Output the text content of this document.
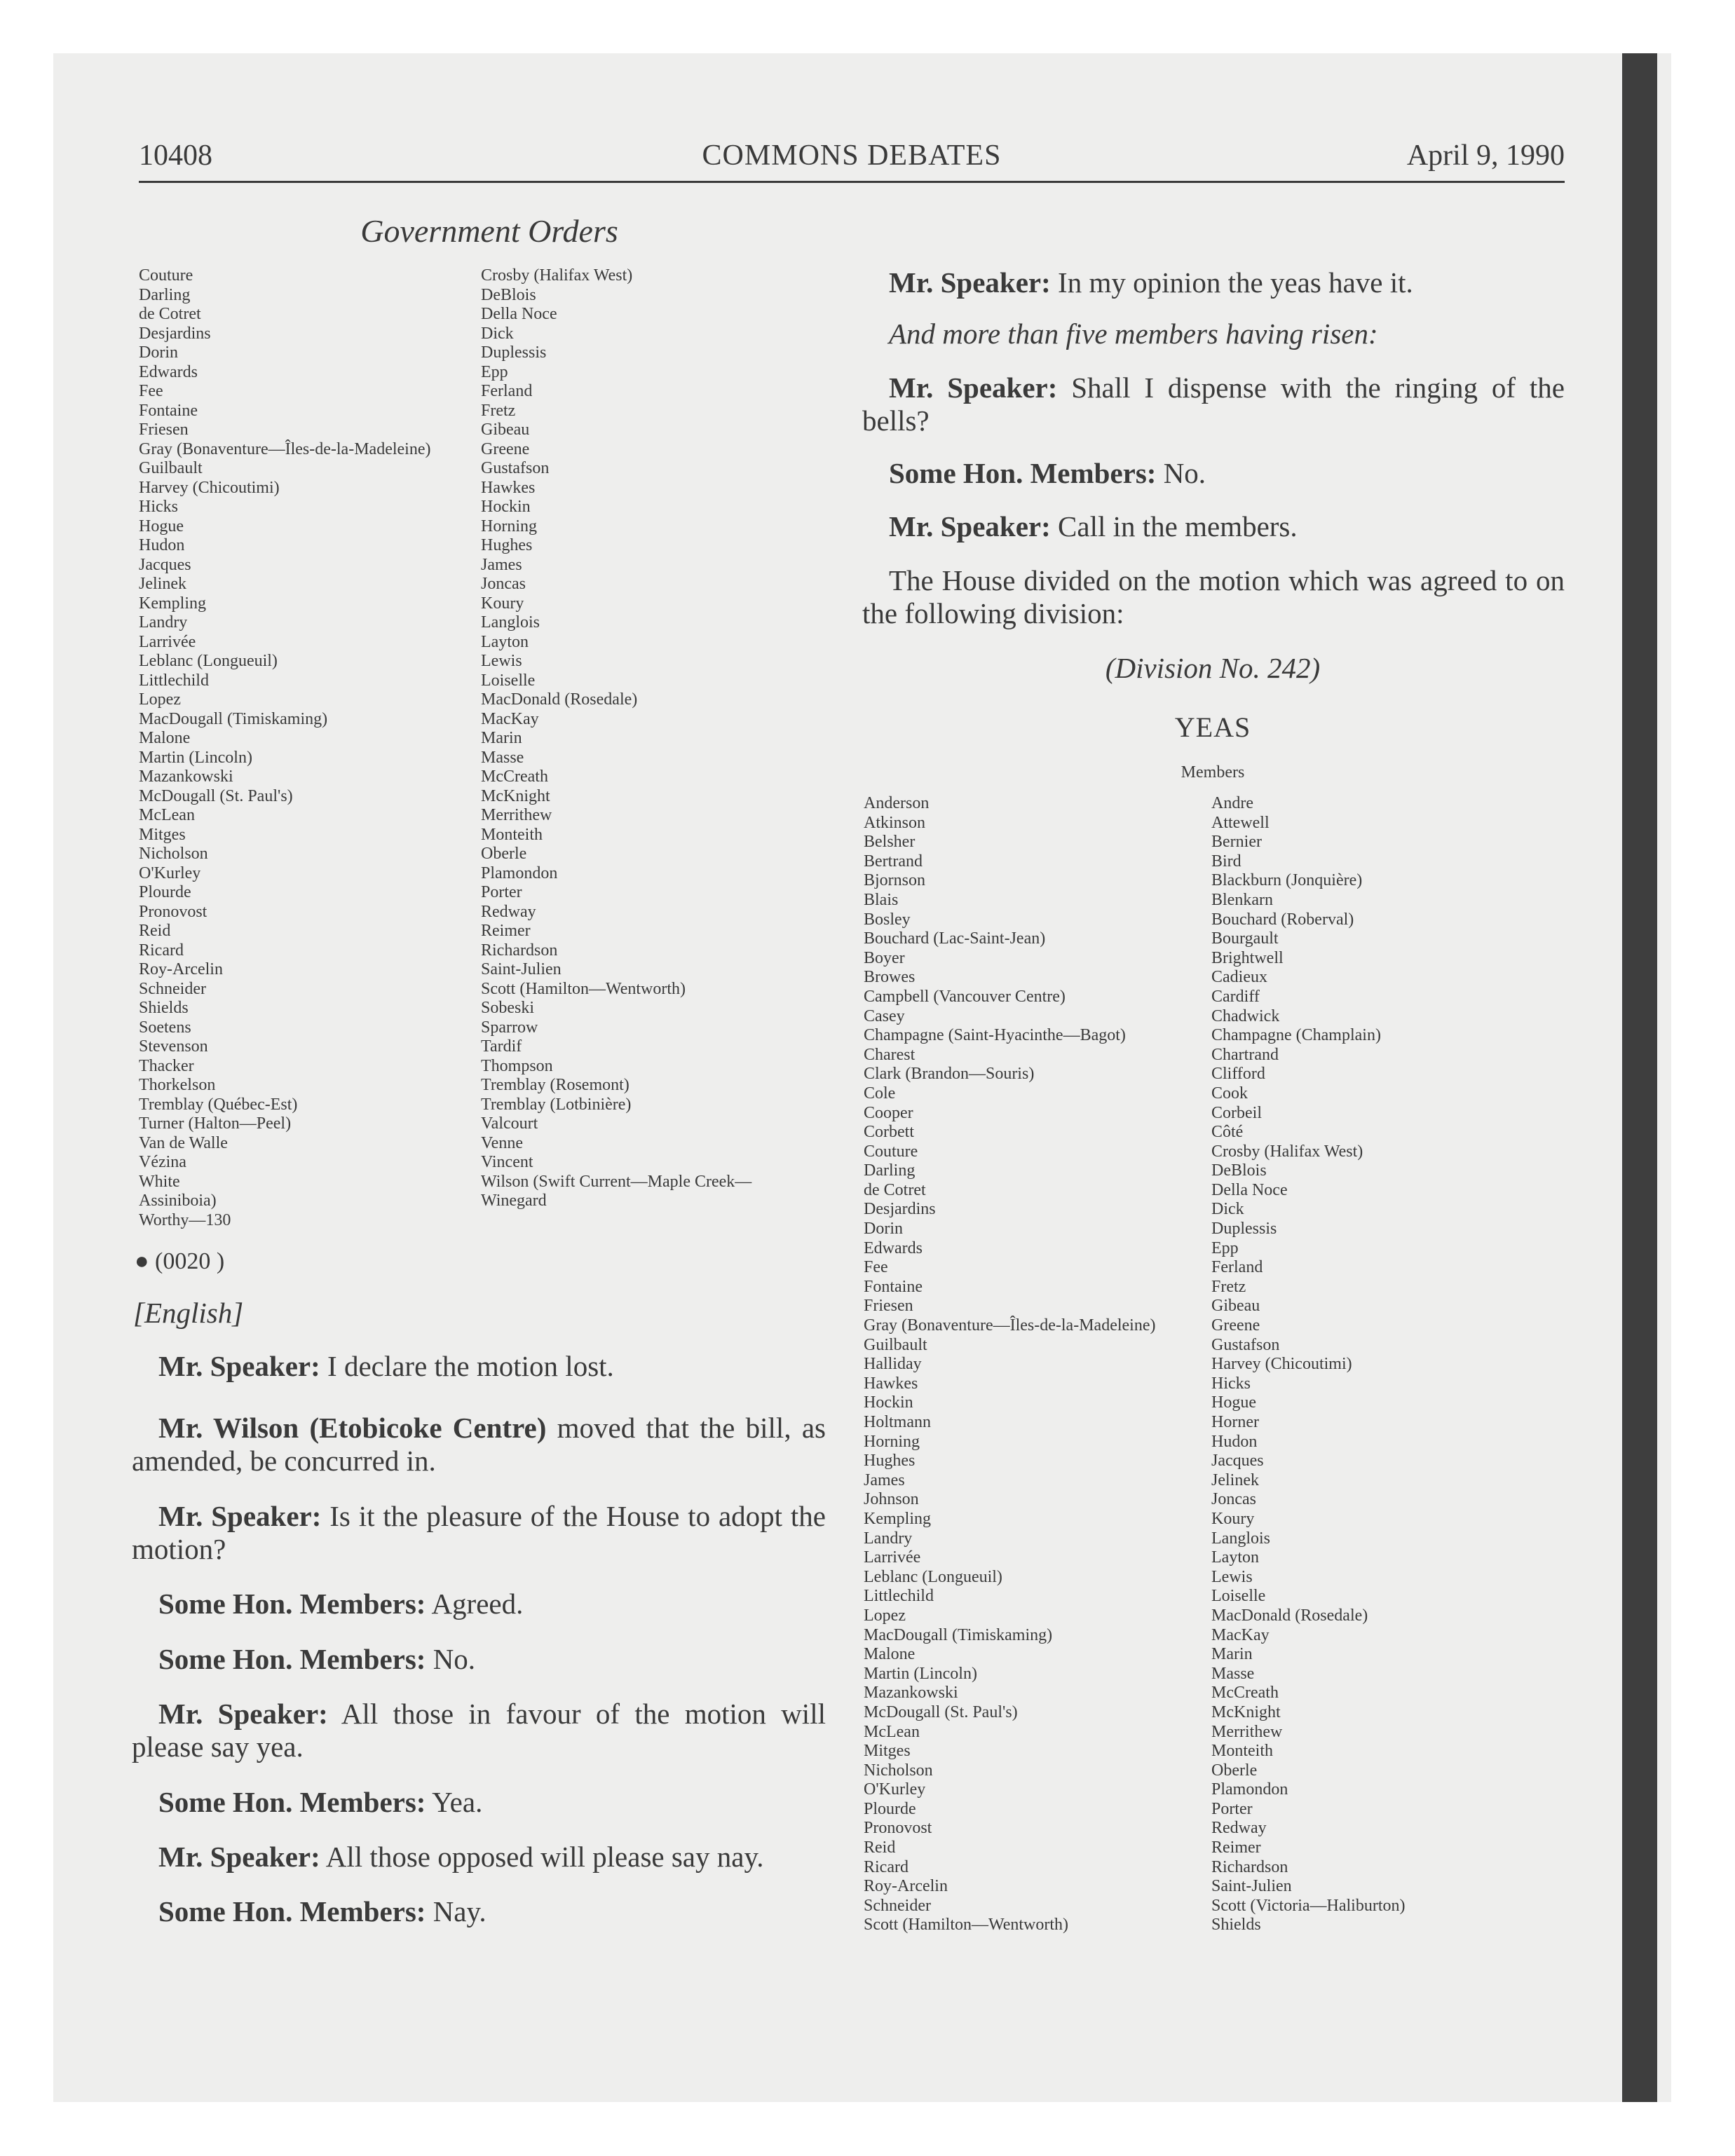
10408	COMMONS DEBATES	April 9, 1990
Government Orders
Couture
Darling
de Cotret
Desjardins
Dorin
Edwards
Fee
Fontaine
Friesen
Gray (Bonaventure—Îles-de-la-Madeleine)
Guilbault
Harvey (Chicoutimi)
Hicks
Hogue
Hudon
Jacques
Jelinek
Kempling
Landry
Larrivée
Leblanc (Longueuil)
Littlechild
Lopez
MacDougall (Timiskaming)
Malone
Martin (Lincoln)
Mazankowski
McDougall (St. Paul's)
McLean
Mitges
Nicholson
O'Kurley
Plourde
Pronovost
Reid
Ricard
Roy-Arcelin
Schneider
Shields
Soetens
Stevenson
Thacker
Thorkelson
Tremblay (Québec-Est)
Turner (Halton—Peel)
Van de Walle
Vézina
White
Assiniboia)
Worthy—130
Crosby (Halifax West)
DeBlois
Della Noce
Dick
Duplessis
Epp
Ferland
Fretz
Gibeau
Greene
Gustafson
Hawkes
Hockin
Horning
Hughes
James
Joncas
Koury
Langlois
Layton
Lewis
Loiselle
MacDonald (Rosedale)
MacKay
Marin
Masse
McCreath
McKnight
Merrithew
Monteith
Oberle
Plamondon
Porter
Redway
Reimer
Richardson
Saint-Julien
Scott (Hamilton—Wentworth)
Sobeski
Sparrow
Tardif
Thompson
Tremblay (Rosemont)
Tremblay (Lotbinière)
Valcourt
Venne
Vincent
Wilson (Swift Current—Maple Creek—
Winegard
● (0020 )
[English]

Mr. Speaker: I declare the motion lost.

Mr. Wilson (Etobicoke Centre) moved that the bill, as amended, be concurred in.

Mr. Speaker: Is it the pleasure of the House to adopt the motion?

Some Hon. Members: Agreed.

Some Hon. Members: No.

Mr. Speaker: All those in favour of the motion will please say yea.

Some Hon. Members: Yea.

Mr. Speaker: All those opposed will please say nay.

Some Hon. Members: Nay.

Mr. Speaker: In my opinion the yeas have it.

And more than five members having risen:

Mr. Speaker: Shall I dispense with the ringing of the bells?

Some Hon. Members: No.

Mr. Speaker: Call in the members.

The House divided on the motion which was agreed to on the following division:

(Division No. 242)
YEAS
Members
Anderson
Atkinson
Belsher
Bertrand
Bjornson
Blais
Bosley
Bouchard (Lac-Saint-Jean)
Boyer
Browes
Campbell (Vancouver Centre)
Casey
Champagne (Saint-Hyacinthe—Bagot)
Charest
Clark (Brandon—Souris)
Cole
Cooper
Corbett
Couture
Darling
de Cotret
Desjardins
Dorin
Edwards
Fee
Fontaine
Friesen
Gray (Bonaventure—Îles-de-la-Madeleine)
Guilbault
Halliday
Hawkes
Hockin
Holtmann
Horning
Hughes
James
Johnson
Kempling
Landry
Larrivée
Leblanc (Longueuil)
Littlechild
Lopez
MacDougall (Timiskaming)
Malone
Martin (Lincoln)
Mazankowski
McDougall (St. Paul's)
McLean
Mitges
Nicholson
O'Kurley
Plourde
Pronovost
Reid
Ricard
Roy-Arcelin
Schneider
Scott (Hamilton—Wentworth)
Andre
Attewell
Bernier
Bird
Blackburn (Jonquière)
Blenkarn
Bouchard (Roberval)
Bourgault
Brightwell
Cadieux
Cardiff
Chadwick
Champagne (Champlain)
Chartrand
Clifford
Cook
Corbeil
Côté
Crosby (Halifax West)
DeBlois
Della Noce
Dick
Duplessis
Epp
Ferland
Fretz
Gibeau
Greene
Gustafson
Harvey (Chicoutimi)
Hicks
Hogue
Horner
Hudon
Jacques
Jelinek
Joncas
Koury
Langlois
Layton
Lewis
Loiselle
MacDonald (Rosedale)
MacKay
Marin
Masse
McCreath
McKnight
Merrithew
Monteith
Oberle
Plamondon
Porter
Redway
Reimer
Richardson
Saint-Julien
Scott (Victoria—Haliburton)
Shields
